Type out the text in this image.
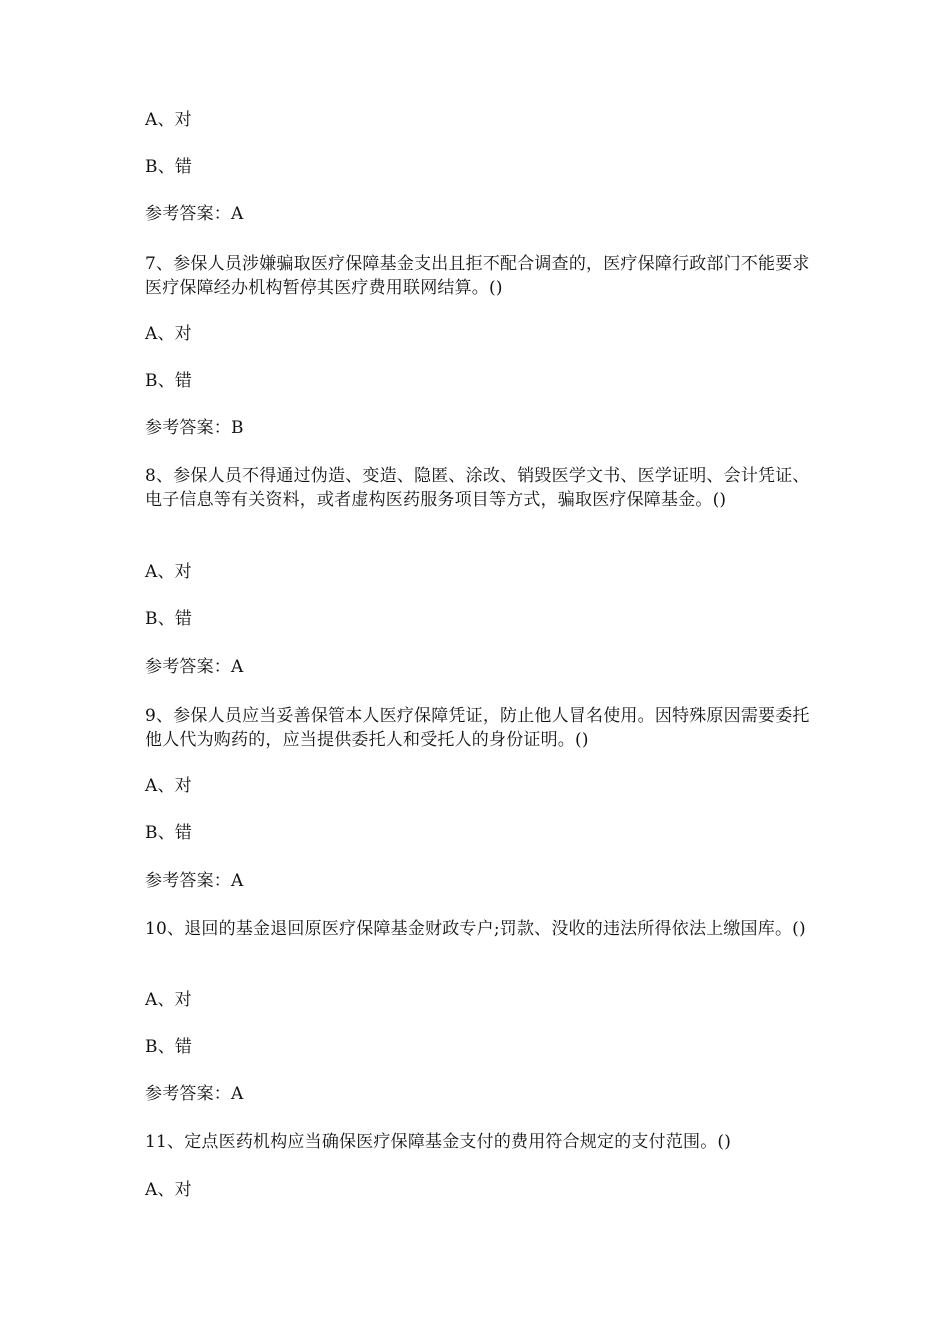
A、对
B、错
参考答案：A
7、参保人员涉嫌骗取医疗保障基金支出且拒不配合调查的，医疗保障行政部门不能要求医疗保障经办机构暂停其医疗费用联网结算。()
A、对
B、错
参考答案：B
8、参保人员不得通过伪造、变造、隐匿、涂改、销毁医学文书、医学证明、会计凭证、电子信息等有关资料，或者虚构医药服务项目等方式，骗取医疗保障基金。()
A、对
B、错
参考答案：A
9、参保人员应当妥善保管本人医疗保障凭证，防止他人冒名使用。因特殊原因需要委托他人代为购药的，应当提供委托人和受托人的身份证明。()
A、对
B、错
参考答案：A
10、退回的基金退回原医疗保障基金财政专户;罚款、没收的违法所得依法上缴国库。()
A、对
B、错
参考答案：A
11、定点医药机构应当确保医疗保障基金支付的费用符合规定的支付范围。()
A、对
